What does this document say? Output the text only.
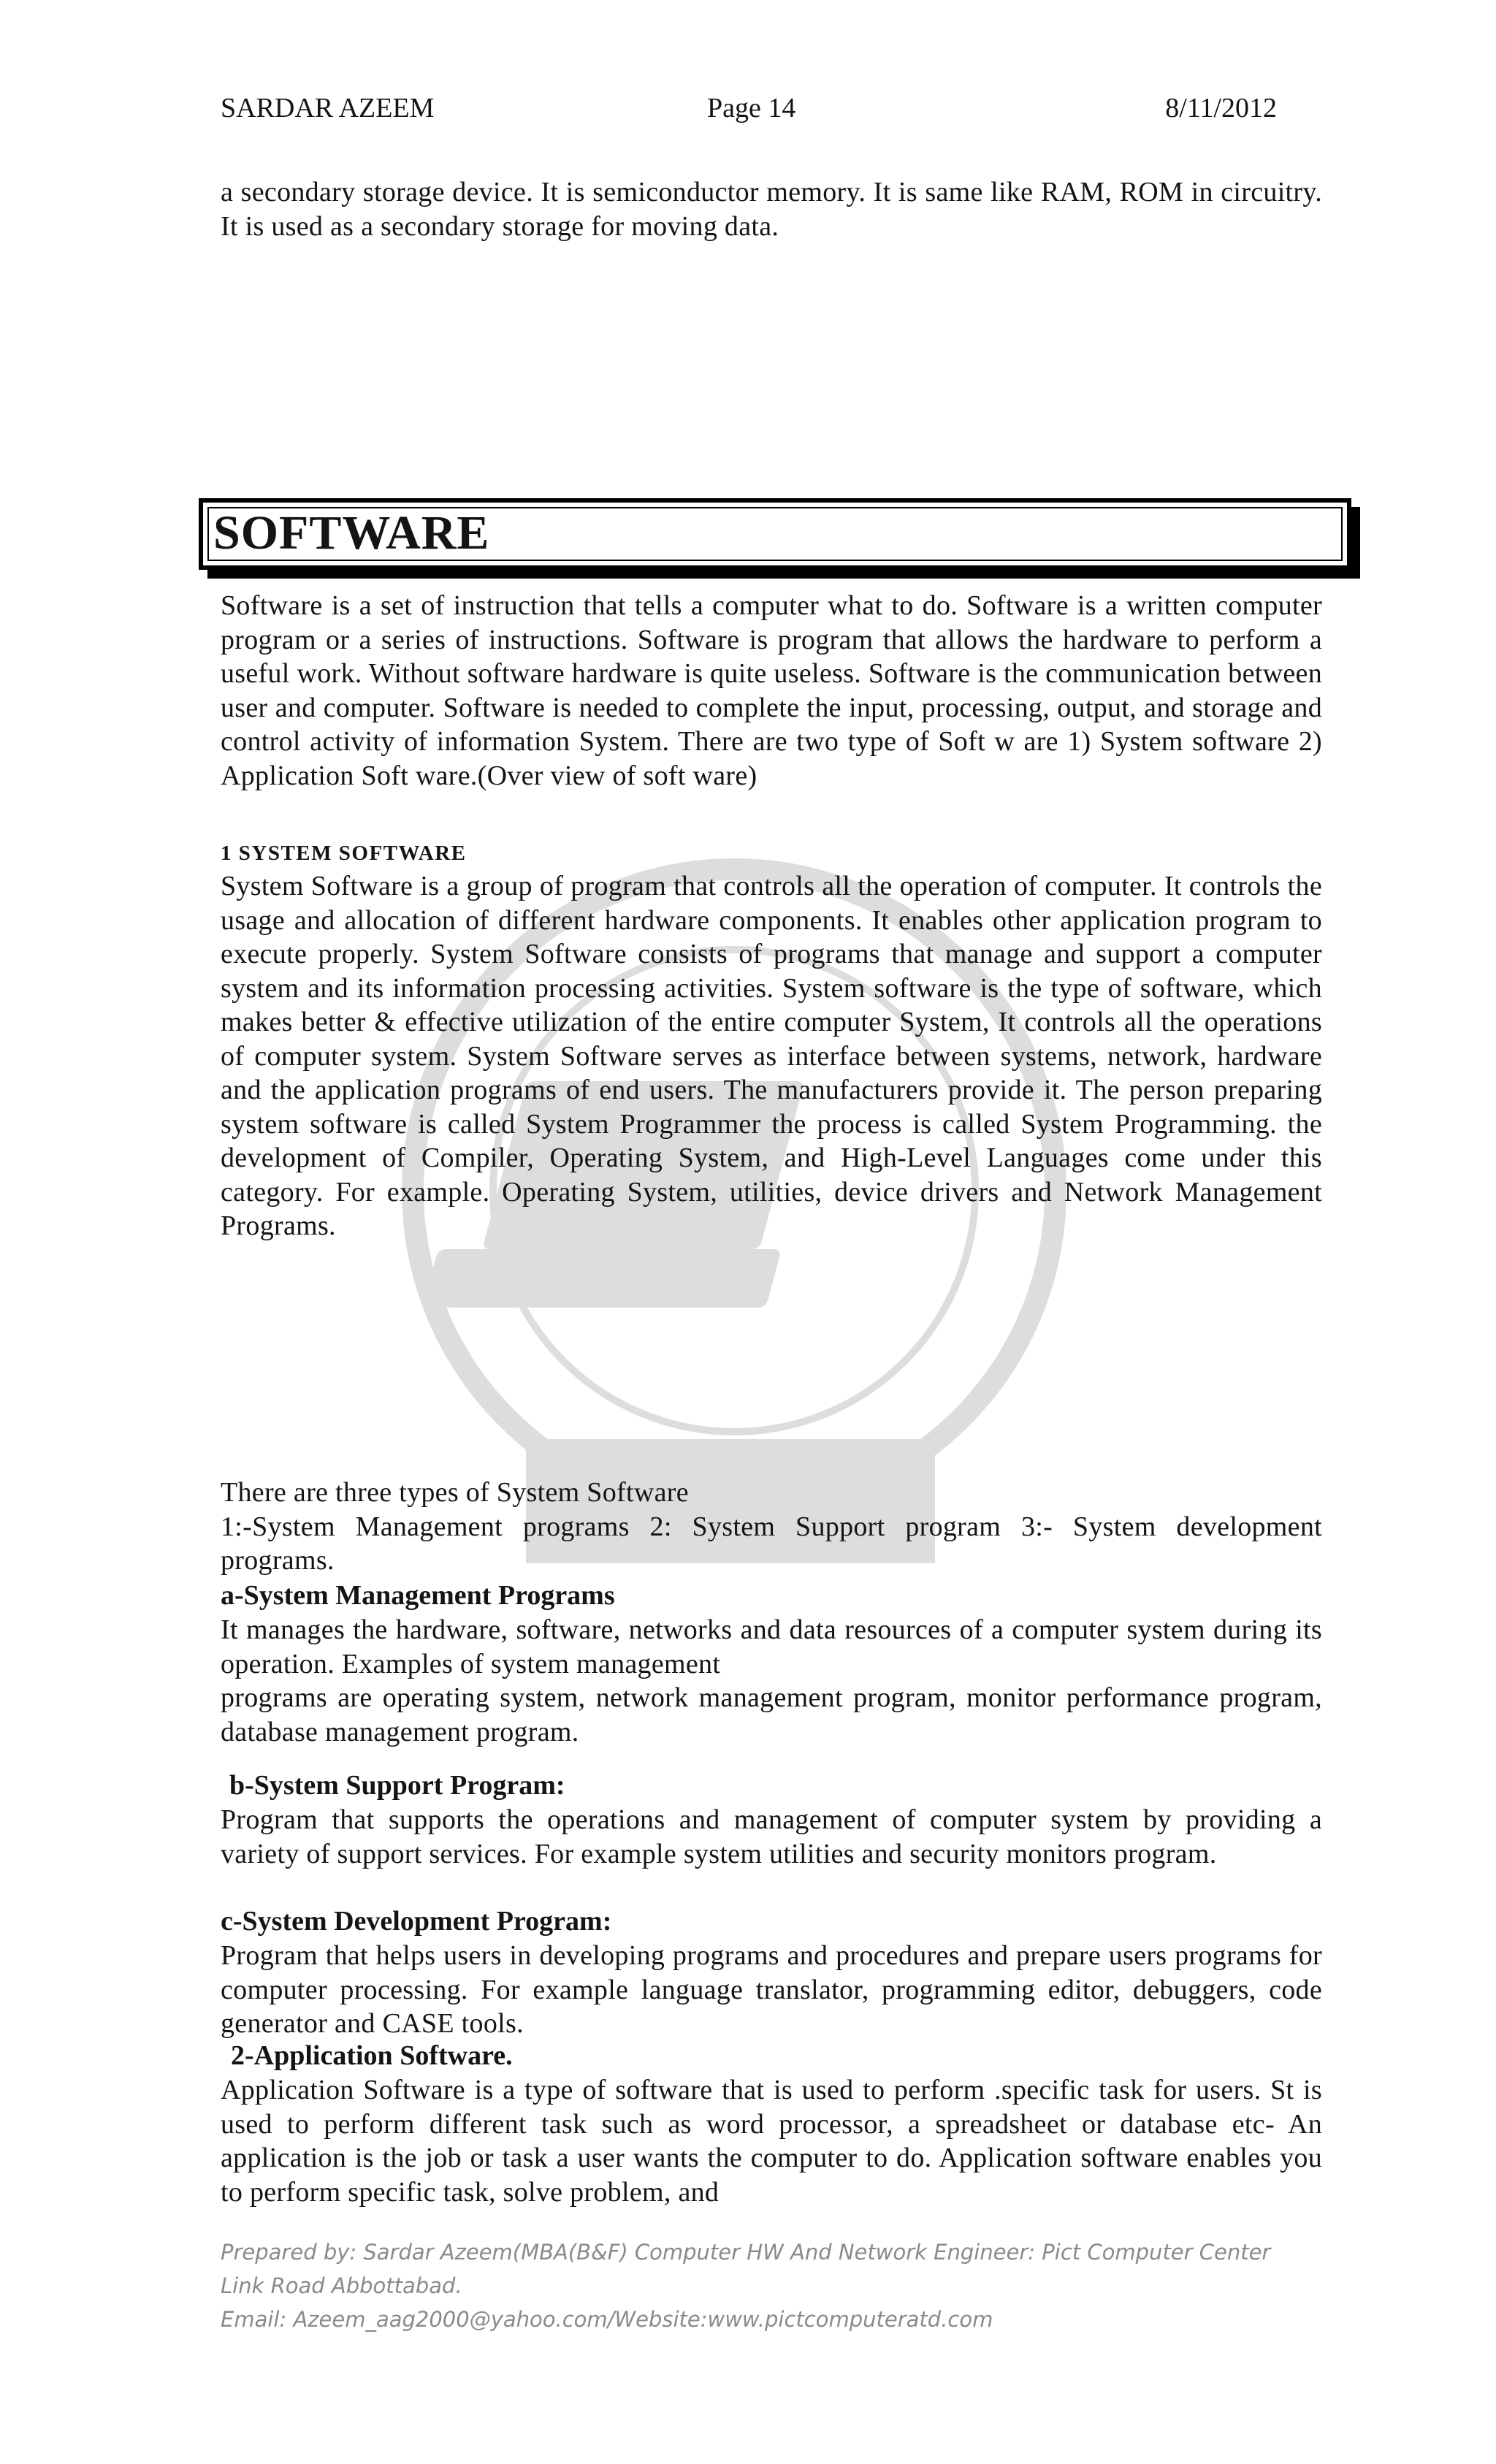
SARDAR AZEEM	Page 14	8/11/2012
a secondary storage device. It is semiconductor memory. It is same like RAM, ROM in circuitry. It is used as a secondary storage for moving data.
SOFTWARE
Software is a set of instruction that tells a computer what to do. Software is a written computer program or a series of instructions. Software is program that allows the hardware to perform a useful work. Without software hardware is quite useless. Software is the communication between user and computer. Software is needed to complete the input, processing, output, and storage and control activity of information System. There are two type of Soft w are 1) System software 2) Application Soft ware.(Over view of soft ware)
1 SYSTEM SOFTWARE
System Software is a group of program that controls all the operation of computer. It controls the usage and allocation of different hardware components. It enables other application program to execute properly. System Software consists of programs that manage and support a computer system and its information processing activities. System software is the type of software, which makes better & effective utilization of the entire computer System, It controls all the operations of computer system. System Software serves as interface between systems, network, hardware and the application programs of end users. The manufacturers provide it. The person preparing system software is called System Programmer the process is called System Programming. the development of Compiler, Operating System, and High-Level Languages come under this category. For example. Operating System, utilities, device drivers and Network Management Programs.
There are three types of System Software
1:-System Management programs 2: System Support program 3:- System development programs.
a-System Management Programs
It manages the hardware, software, networks and data resources of a computer system during its operation. Examples of system management
programs are operating system, network management program, monitor performance program, database management program.
b-System Support Program:
Program that supports the operations and management of computer system by providing a variety of support services. For example system utilities and security monitors program.
c-System Development Program:
Program that helps users in developing programs and procedures and prepare users programs for computer processing. For example language translator, programming editor, debuggers, code generator and CASE tools.
2-Application Software.
Application Software is a type of software that is used to perform .specific task for users. St is used to perform different task such as word processor, a spreadsheet or database etc- An application is the job or task a user wants the computer to do. Application software enables you to perform specific task, solve problem, and
Prepared by: Sardar Azeem(MBA(B&F) Computer HW And Network Engineer: Pict Computer Center Link Road Abbottabad.
Email: Azeem_aag2000@yahoo.com/Website:www.pictcomputeratd.com
